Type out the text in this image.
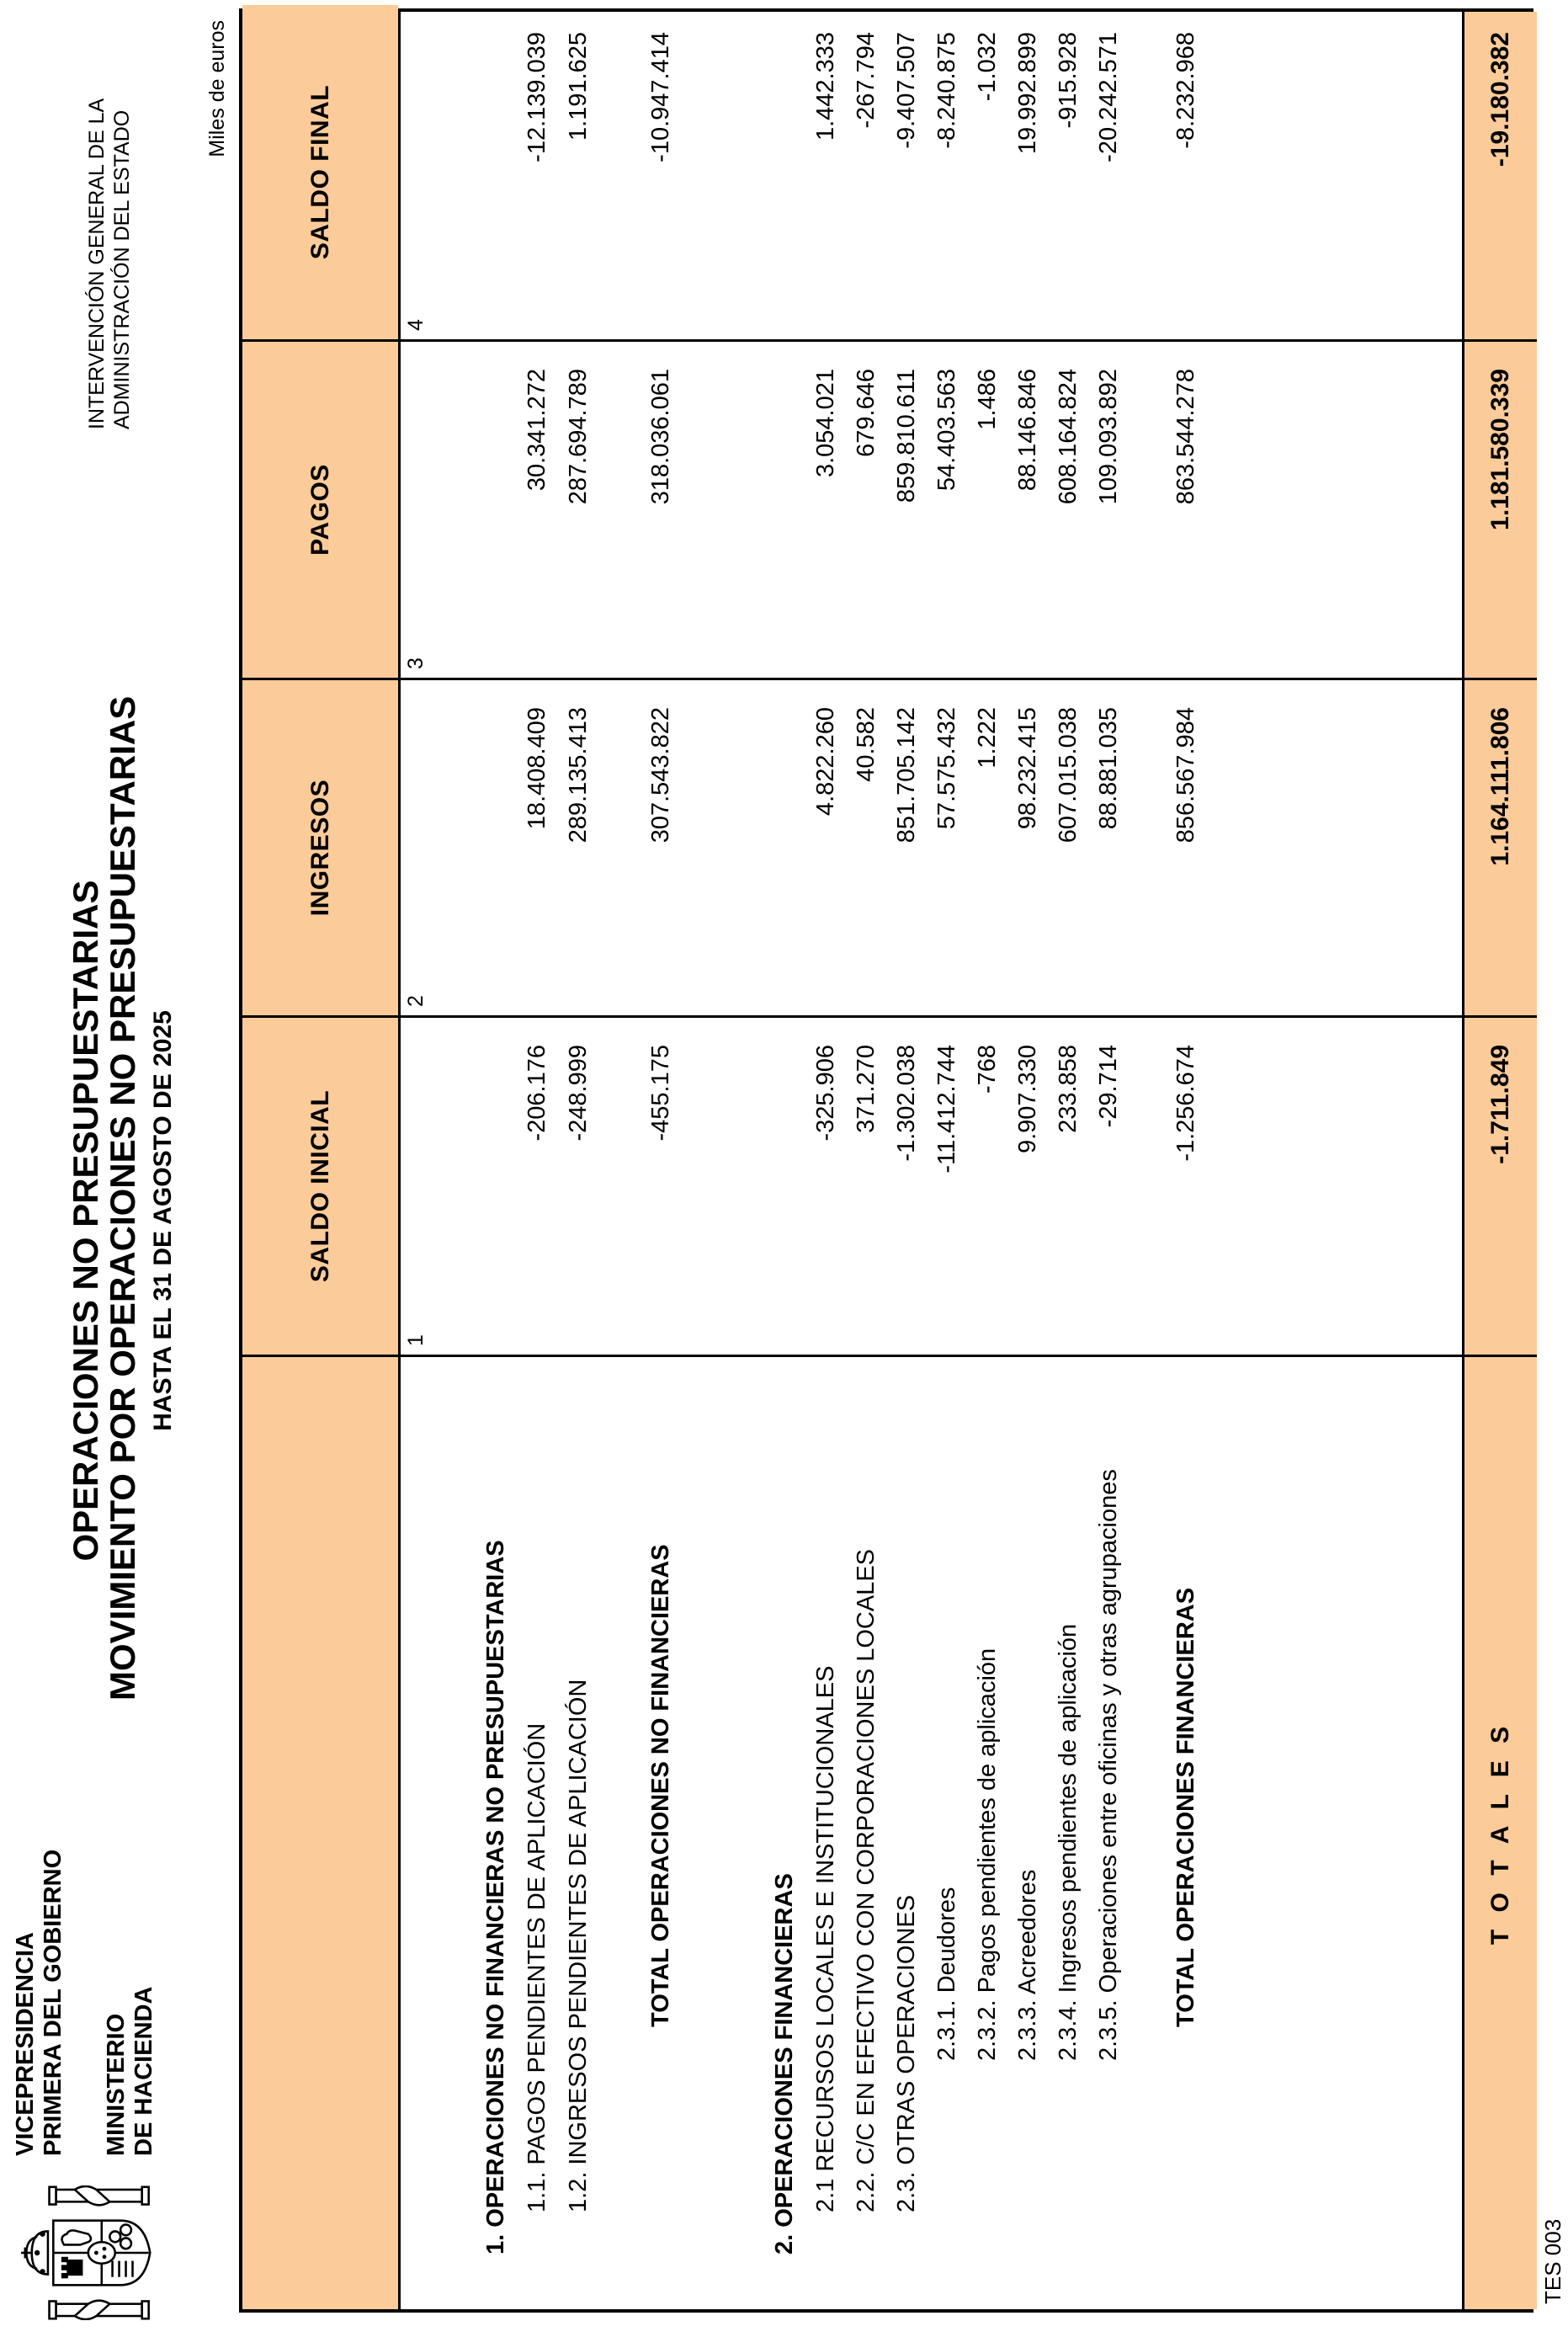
VICEPRESIDENCIA PRIMERA DEL GOBIERNO MINISTERIO DE HACIENDA
OPERACIONES NO PRESUPUESTARIAS
MOVIMIENTO POR OPERACIONES NO PRESUPUESTARIAS HASTA EL 31 DE AGOSTO DE 2025
INTERVENCIÓN GENERAL DE LA ADMINISTRACIÓN DEL ESTADO
Miles de euros
TES 003
SALDO INICIAL
INGRESOS
PAGOS
SALDO FINAL
1
2
3
4
1. OPERACIONES NO FINANCIERAS NO PRESUPUESTARIAS 1.1. PAGOS PENDIENTES DE APLICACIÓN
-206.176
18.408.409
30.341.272
-12.139.039
1.2. INGRESOS PENDIENTES DE APLICACIÓN
-248.999
289.135.413
287.694.789
1.191.625
TOTAL OPERACIONES NO FINANCIERAS
-455.175
307.543.822
318.036.061
-10.947.414
2. OPERACIONES FINANCIERAS 2.1 RECURSOS LOCALES E INSTITUCIONALES
-325.906
4.822.260
3.054.021
1.442.333
2.2. C/C EN EFECTIVO CON CORPORACIONES LOCALES
371.270
40.582
679.646
-267.794
2.3. OTRAS OPERACIONES
-1.302.038
851.705.142
859.810.611
-9.407.507
2.3.1. Deudores
-11.412.744
57.575.432
54.403.563
-8.240.875
2.3.2. Pagos pendientes de aplicación
-768
1.222
1.486
-1.032
2.3.3. Acreedores
9.907.330
98.232.415
88.146.846
19.992.899
2.3.4. Ingresos pendientes de aplicación
233.858
607.015.038
608.164.824
-915.928
2.3.5. Operaciones entre oficinas y otras agrupaciones
-29.714
88.881.035
109.093.892
-20.242.571
TOTAL OPERACIONES FINANCIERAS
-1.256.674
856.567.984
863.544.278
-8.232.968
T O T A L E S
-1.711.849
1.164.111.806
1.181.580.339
-19.180.382
